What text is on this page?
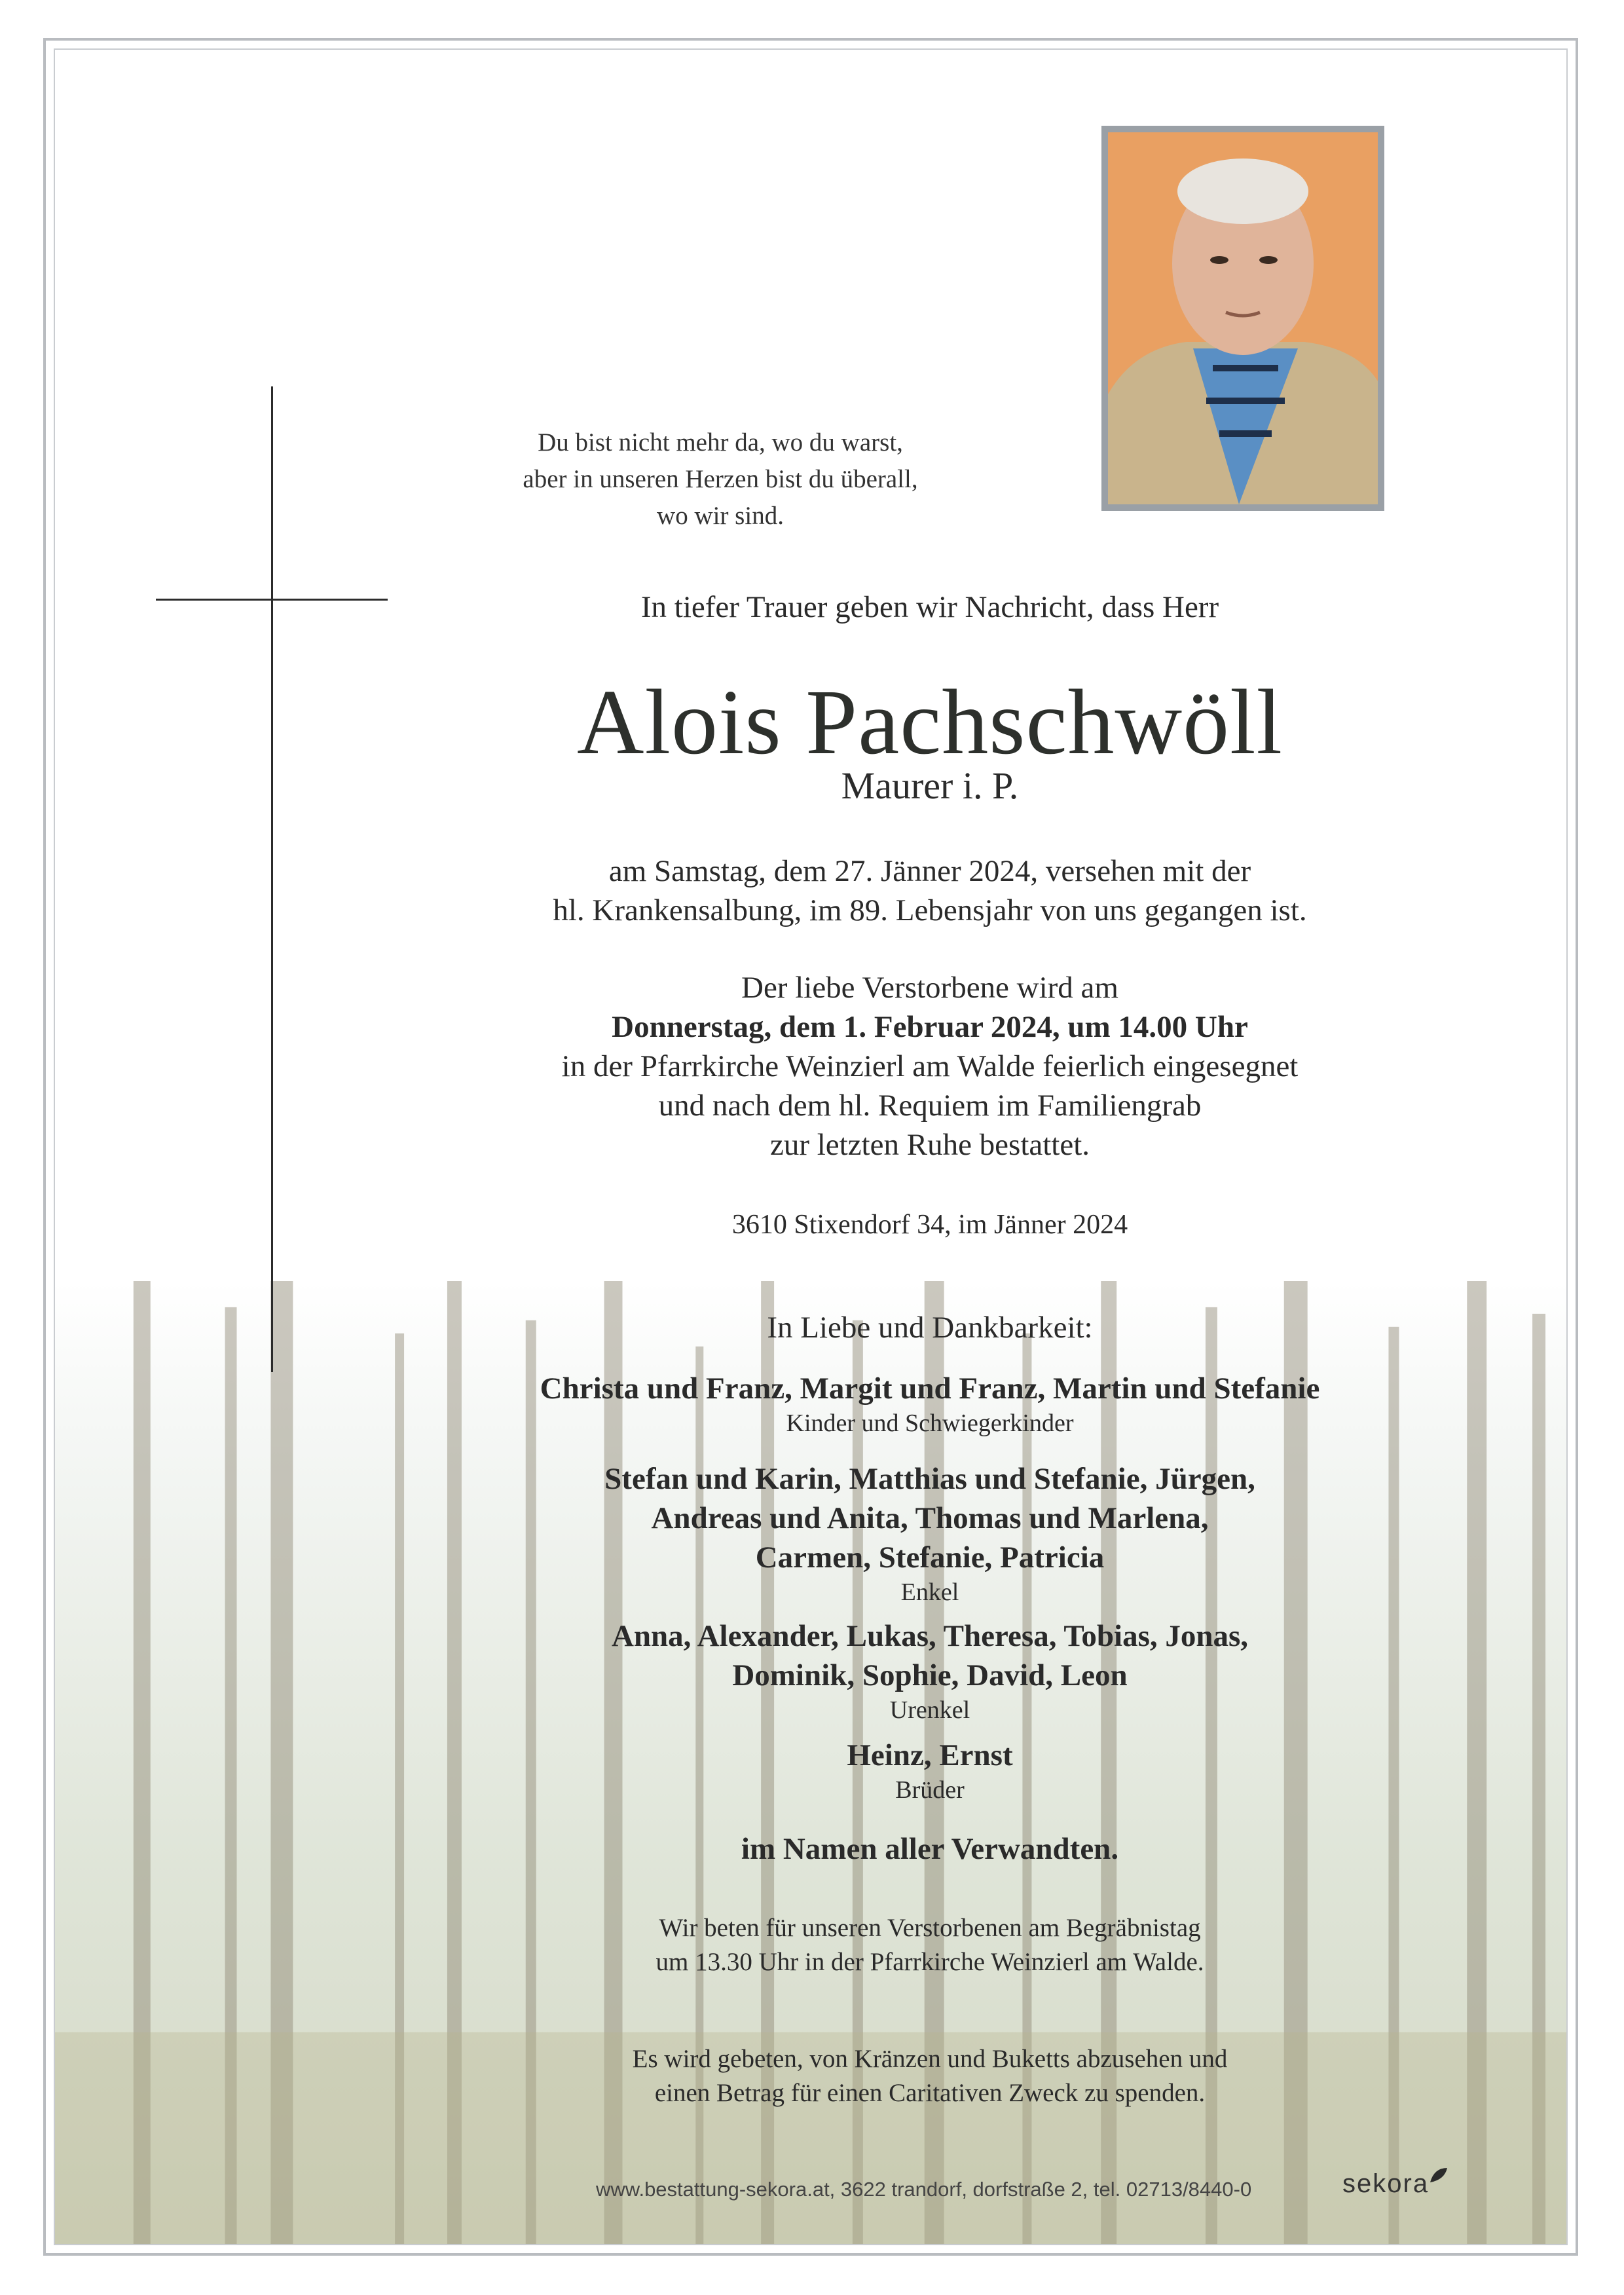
Du bist nicht mehr da, wo du warst,
aber in unseren Herzen bist du überall,
wo wir sind.
In tiefer Trauer geben wir Nachricht, dass Herr
Alois Pachschwöll
Maurer i. P.
am Samstag, dem 27. Jänner 2024, versehen mit der
hl. Krankensalbung, im 89. Lebensjahr von uns gegangen ist.
Der liebe Verstorbene wird am
Donnerstag, dem 1. Februar 2024, um 14.00 Uhr
in der Pfarrkirche Weinzierl am Walde feierlich eingesegnet
und nach dem hl. Requiem im Familiengrab
zur letzten Ruhe bestattet.
3610 Stixendorf 34, im Jänner 2024
In Liebe und Dankbarkeit:
Christa und Franz, Margit und Franz, Martin und Stefanie
Kinder und Schwiegerkinder
Stefan und Karin, Matthias und Stefanie, Jürgen,
Andreas und Anita, Thomas und Marlena,
Carmen, Stefanie, Patricia
Enkel
Anna, Alexander, Lukas, Theresa, Tobias, Jonas,
Dominik, Sophie, David, Leon
Urenkel
Heinz, Ernst
Brüder
im Namen aller Verwandten.
Wir beten für unseren Verstorbenen am Begräbnistag
um 13.30 Uhr in der Pfarrkirche Weinzierl am Walde.
Es wird gebeten, von Kränzen und Buketts abzusehen und
einen Betrag für einen Caritativen Zweck zu spenden.
www.bestattung-sekora.at, 3622 trandorf, dorfstraße 2, tel. 02713/8440-0	sekora
